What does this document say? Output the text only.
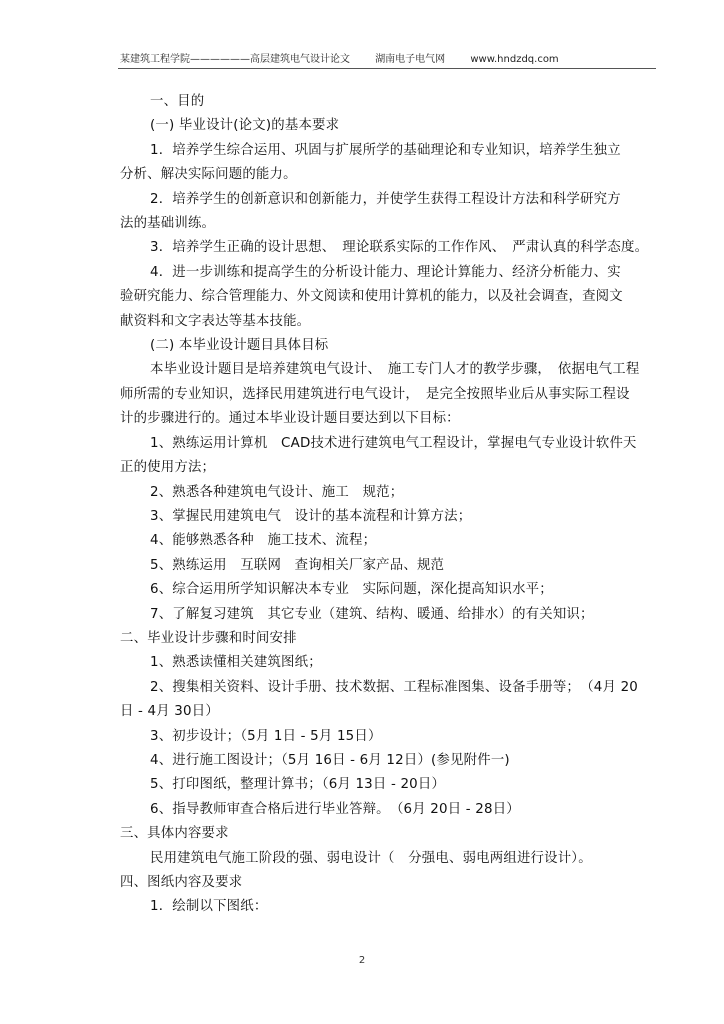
某建筑工程学院——————高层建筑电气设计论文	湖南电子电气网	www.hndzdq.com

一、目的

(一) 毕业设计(论文)的基本要求

1．培养学生综合运用、巩固与扩展所学的基础理论和专业知识，培养学生独立

分析、解决实际问题的能力。

2．培养学生的创新意识和创新能力，并使学生获得工程设计方法和科学研究方

法的基础训练。

3．培养学生正确的设计思想、　理论联系实际的工作作风、　严肃认真的科学态度。

4．进一步训练和提高学生的分析设计能力、理论计算能力、经济分析能力、实

验研究能力、综合管理能力、外文阅读和使用计算机的能力，以及社会调查，查阅文

献资料和文字表达等基本技能。

(二) 本毕业设计题目具体目标

本毕业设计题目是培养建筑电气设计、　施工专门人才的教学步骤，　依据电气工程

师所需的专业知识，选择民用建筑进行电气设计，　是完全按照毕业后从事实际工程设

计的步骤进行的。通过本毕业设计题目要达到以下目标：

1、熟练运用计算机　CAD技术进行建筑电气工程设计，掌握电气专业设计软件天

正的使用方法；

2、熟悉各种建筑电气设计、施工　规范；

3、掌握民用建筑电气　设计的基本流程和计算方法；

4、能够熟悉各种　施工技术、流程；

5、熟练运用　互联网　查询相关厂家产品、规范

6、综合运用所学知识解决本专业　实际问题，深化提高知识水平；

7、了解复习建筑　其它专业（建筑、结构、暖通、给排水）的有关知识；

二、毕业设计步骤和时间安排

1、熟悉读懂相关建筑图纸；

2、搜集相关资料、设计手册、技术数据、工程标准图集、设备手册等；　（4月 20

日 - 4月 30日）

3、初步设计；（5月 1日 - 5月 15日）

4、进行施工图设计；（5月 16日 - 6月 12日）(参见附件一)

5、打印图纸，整理计算书；（6月 13日 - 20日）

6、指导教师审查合格后进行毕业答辩。　（6月 20日 - 28日）

三、具体内容要求

民用建筑电气施工阶段的强、弱电设计（　分强电、弱电两组进行设计）。

四、图纸内容及要求

1．绘制以下图纸：

2
